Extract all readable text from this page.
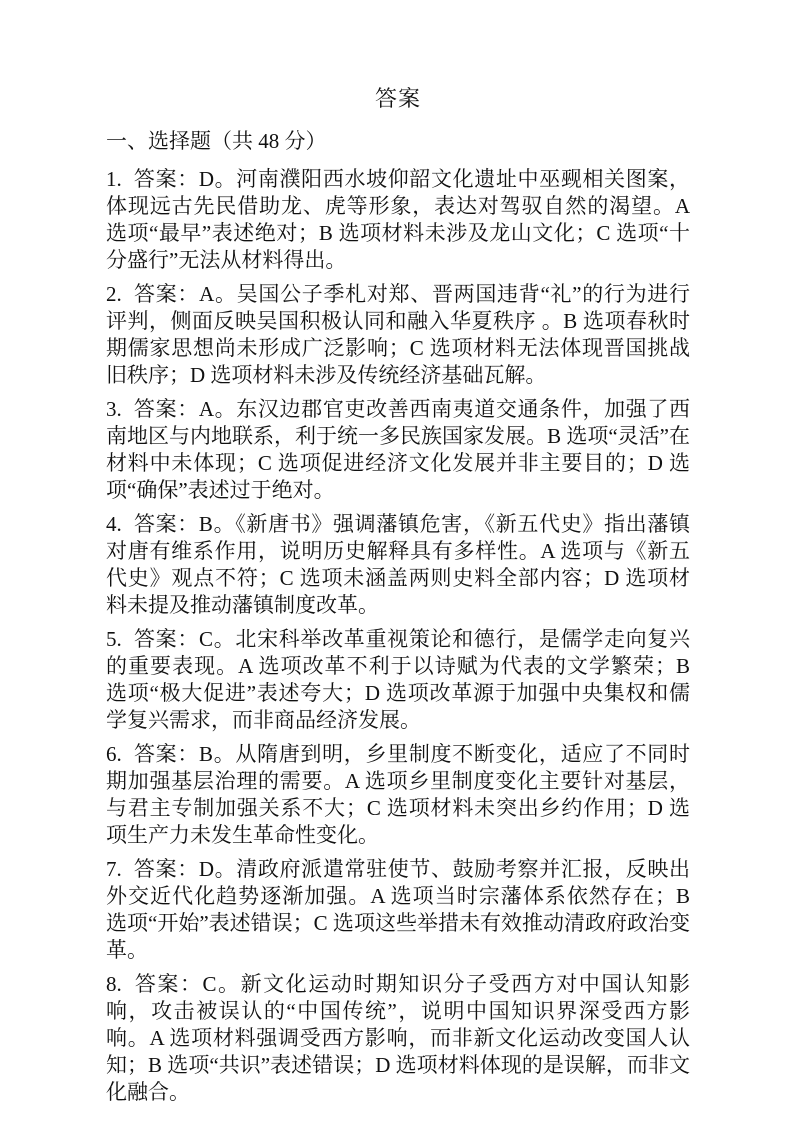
答案
一、选择题（共 48 分）

1. 答案：D。河南濮阳西水坡仰韶文化遗址中巫觋相关图案，体现远古先民借助龙、虎等形象，表达对驾驭自然的渴望。A 选项“最早”表述绝对；B 选项材料未涉及龙山文化；C 选项“十分盛行”无法从材料得出。

2. 答案：A。吴国公子季札对郑、晋两国违背“礼”的行为进行评判，侧面反映吴国积极认同和融入华夏秩序 。B 选项春秋时期儒家思想尚未形成广泛影响；C 选项材料无法体现晋国挑战旧秩序；D 选项材料未涉及传统经济基础瓦解。

3. 答案：A。东汉边郡官吏改善西南夷道交通条件，加强了西南地区与内地联系，利于统一多民族国家发展。B 选项“灵活”在材料中未体现；C 选项促进经济文化发展并非主要目的；D 选项“确保”表述过于绝对。

4. 答案：B。《新唐书》强调藩镇危害，《新五代史》指出藩镇对唐有维系作用，说明历史解释具有多样性。A 选项与《新五代史》观点不符；C 选项未涵盖两则史料全部内容；D 选项材料未提及推动藩镇制度改革。

5. 答案：C。北宋科举改革重视策论和德行，是儒学走向复兴的重要表现。A 选项改革不利于以诗赋为代表的文学繁荣；B 选项“极大促进”表述夸大；D 选项改革源于加强中央集权和儒学复兴需求，而非商品经济发展。

6. 答案：B。从隋唐到明，乡里制度不断变化，适应了不同时期加强基层治理的需要。A 选项乡里制度变化主要针对基层，与君主专制加强关系不大；C 选项材料未突出乡约作用；D 选项生产力未发生革命性变化。

7. 答案：D。清政府派遣常驻使节、鼓励考察并汇报，反映出外交近代化趋势逐渐加强。A 选项当时宗藩体系依然存在；B 选项“开始”表述错误；C 选项这些举措未有效推动清政府政治变革。

8. 答案：C。新文化运动时期知识分子受西方对中国认知影响，攻击被误认的“中国传统”，说明中国知识界深受西方影响。A 选项材料强调受西方影响，而非新文化运动改变国人认知；B 选项“共识”表述错误；D 选项材料体现的是误解，而非文化融合。
